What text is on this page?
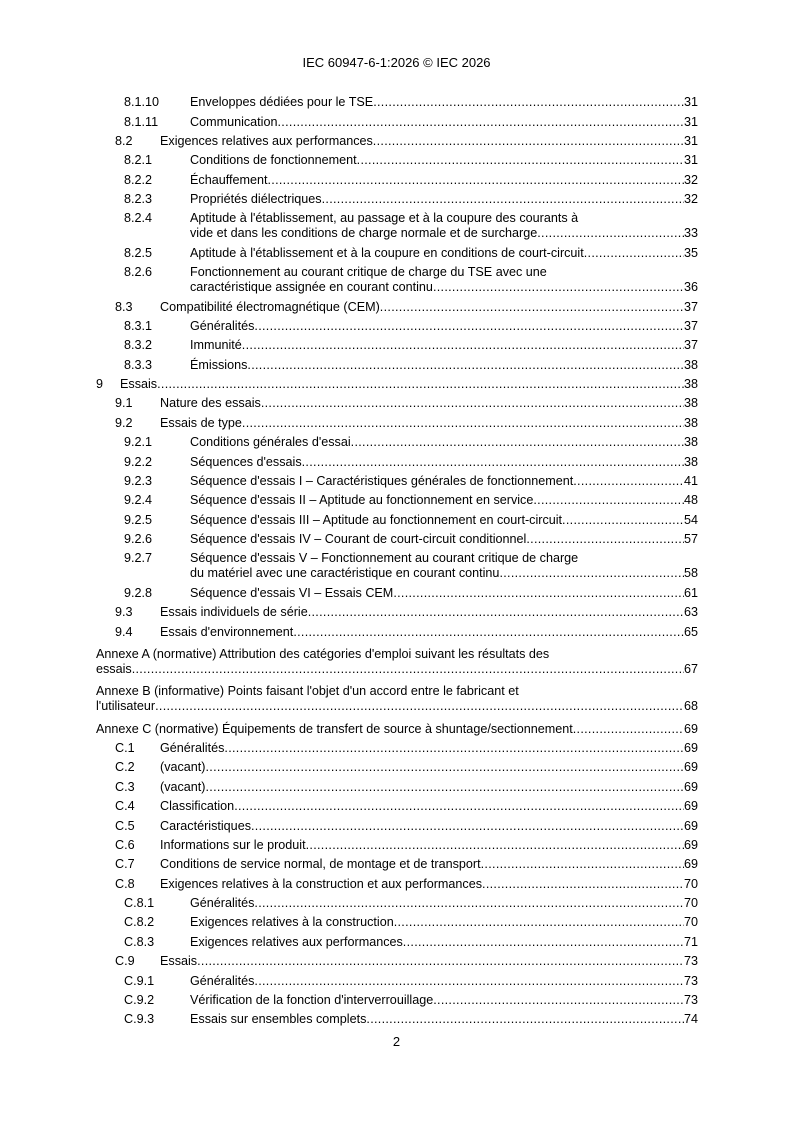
IEC 60947-6-1:2026 © IEC 2026
8.1.10 Enveloppes dédiées pour le TSE . . .	31
8.1.11	Communication . . .	31
8.2 Exigences relatives aux performances . . .	31
8.2.1	Conditions de fonctionnement . . .	31
8.2.2	Échauffement . . .	32
8.2.3	Propriétés diélectriques . . .	32
8.2.4	Aptitude à l'établissement, au passage et à la coupure des courants à
vide et dans les conditions de charge normale et de surcharge . . .	33
8.2.5	Aptitude à l'établissement et à la coupure en conditions de court-circuit . . .	35
8.2.6	Fonctionnement au courant critique de charge du TSE avec une
caractéristique assignée en courant continu . . .	36
8.3 Compatibilité électromagnétique (CEM) . . .	37
8.3.1	Généralités . . .	37
8.3.2	Immunité . . .	37
8.3.3	Émissions . . .	38
9 Essais . . .	38
9.1 Nature des essais . . .	38
9.2 Essais de type . . .	38
9.2.1	Conditions générales d'essai . . .	38
9.2.2	Séquences d'essais . . .	38
9.2.3	Séquence d'essais I – Caractéristiques générales de fonctionnement . . .	41
9.2.4	Séquence d'essais II – Aptitude au fonctionnement en service . . .	48
9.2.5	Séquence d'essais III – Aptitude au fonctionnement en court-circuit . . .	54
9.2.6	Séquence d'essais IV – Courant de court-circuit conditionnel . . .	57
9.2.7	Séquence d'essais V – Fonctionnement au courant critique de charge
du matériel avec une caractéristique en courant continu . . .	58
9.2.8	Séquence d'essais VI – Essais CEM . . .	61
9.3 Essais individuels de série . . .	63
9.4 Essais d'environnement . . .	65
Annexe A (normative) Attribution des catégories d'emploi suivant les résultats des
essais . . .	67
Annexe B (informative) Points faisant l'objet d'un accord entre le fabricant et
l'utilisateur . . .	68
Annexe C (normative) Équipements de transfert de source à shuntage/sectionnement . . .	69
C.1 Généralités . . .	69
C.2 (vacant) . . .	69
C.3 (vacant) . . .	69
C.4 Classification . . .	69
C.5 Caractéristiques . . .	69
C.6 Informations sur le produit . . .	69
C.7 Conditions de service normal, de montage et de transport . . .	69
C.8 Exigences relatives à la construction et aux performances . . .	70
C.8.1	Généralités . . .	70
C.8.2	Exigences relatives à la construction . . .	70
C.8.3	Exigences relatives aux performances . . .	71
C.9 Essais . . .	73
C.9.1	Généralités . . .	73
C.9.2	Vérification de la fonction d'interverrouillage . . .	73
C.9.3	Essais sur ensembles complets . . .	74
2
